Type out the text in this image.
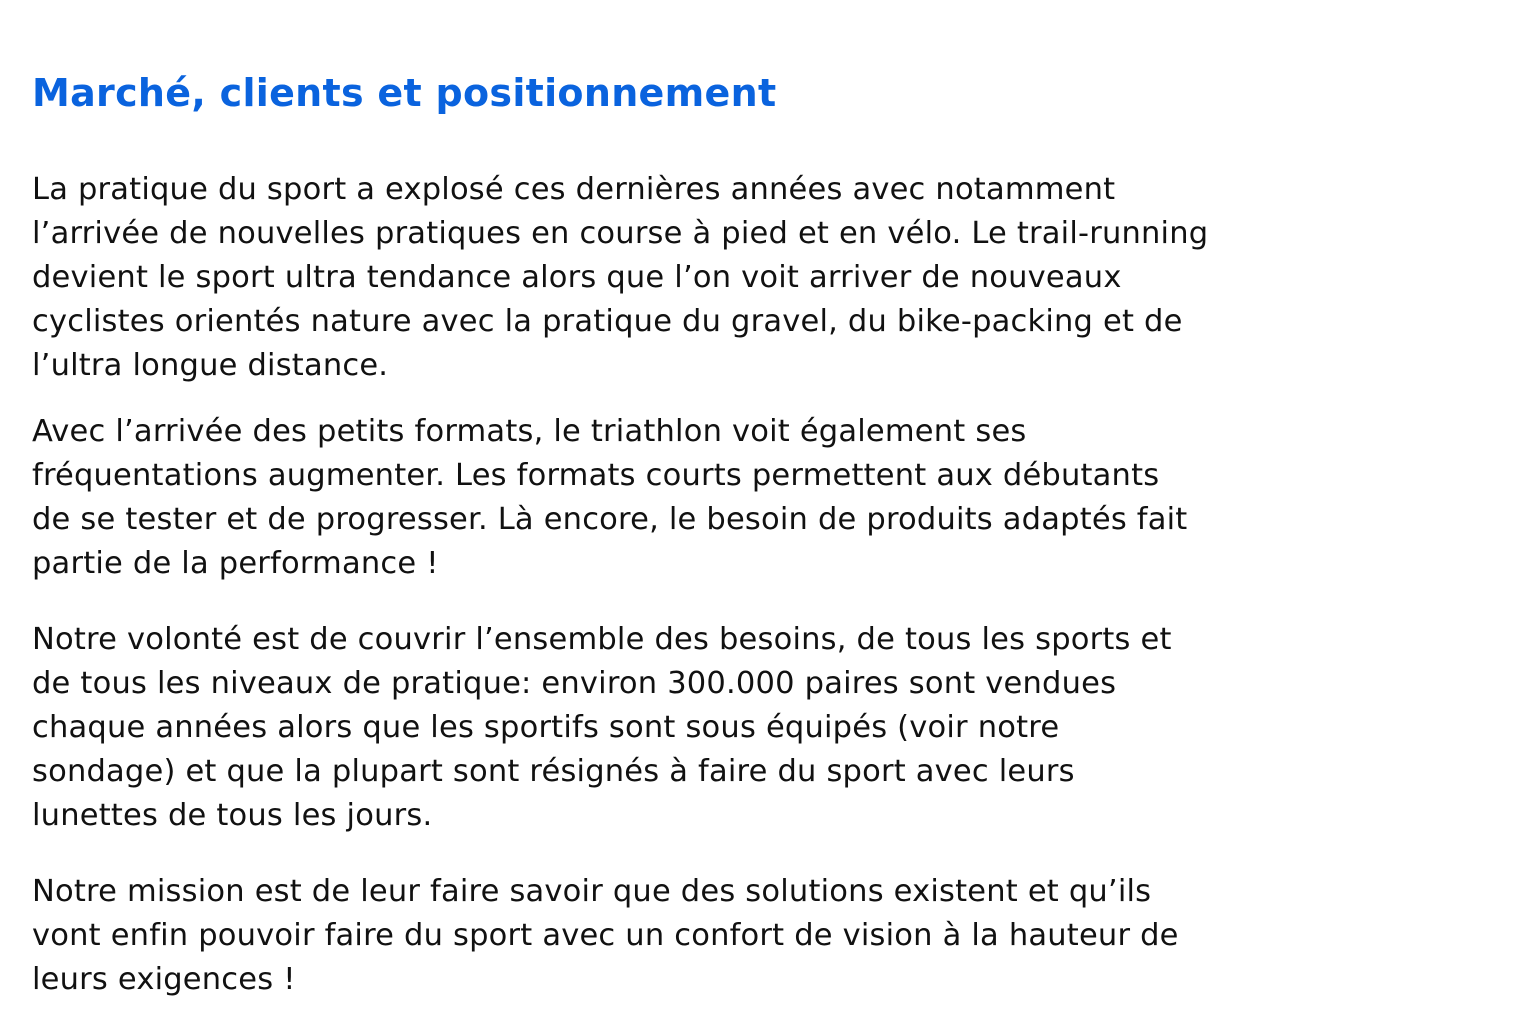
Marché, clients et positionnement

La pratique du sport a explosé ces dernières années avec notamment
l’arrivée de nouvelles pratiques en course à pied et en vélo. Le trail-running
devient le sport ultra tendance alors que l’on voit arriver de nouveaux
cyclistes orientés nature avec la pratique du gravel, du bike-packing et de
l’ultra longue distance.

Avec l’arrivée des petits formats, le triathlon voit également ses
fréquentations augmenter. Les formats courts permettent aux débutants
de se tester et de progresser. Là encore, le besoin de produits adaptés fait
partie de la performance !

Notre volonté est de couvrir l’ensemble des besoins, de tous les sports et
de tous les niveaux de pratique: environ 300.000 paires sont vendues
chaque années alors que les sportifs sont sous équipés (voir notre
sondage) et que la plupart sont résignés à faire du sport avec leurs
lunettes de tous les jours.

Notre mission est de leur faire savoir que des solutions existent et qu’ils
vont enfin pouvoir faire du sport avec un confort de vision à la hauteur de
leurs exigences !
